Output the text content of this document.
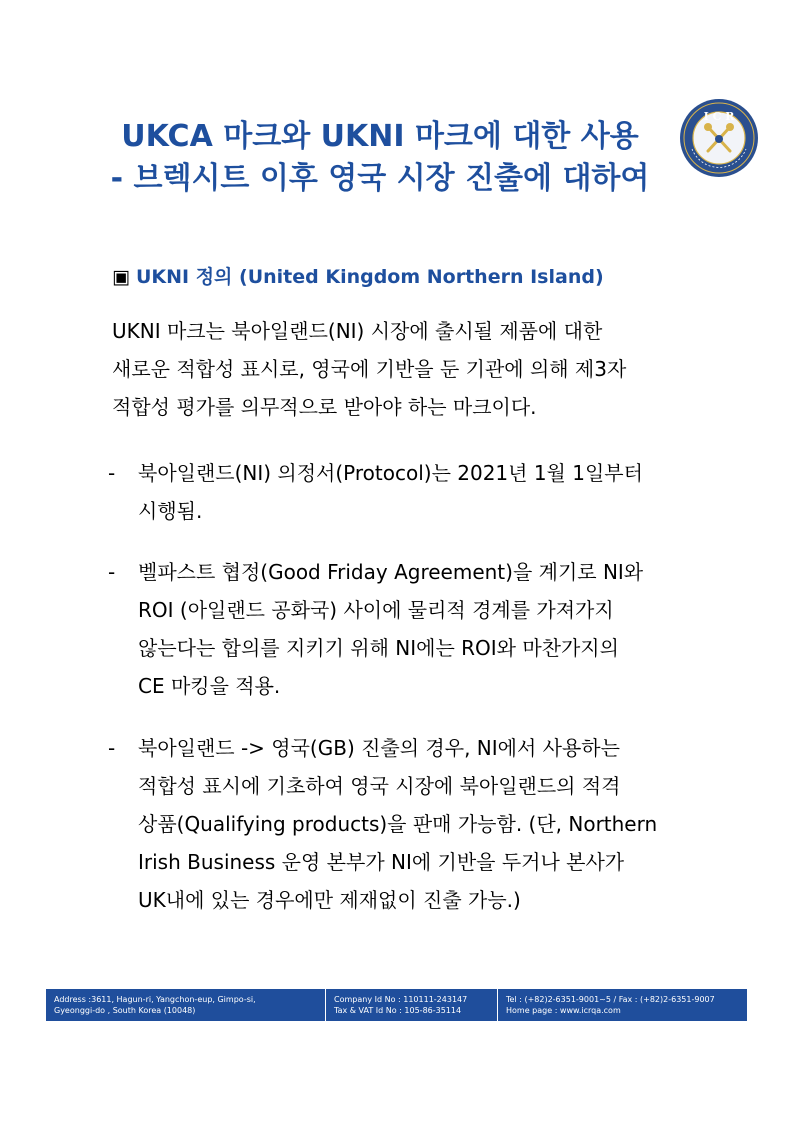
UKCA 마크와 UKNI 마크에 대한 사용
- 브렉시트 이후 영국 시장 진출에 대하여
I C R
▣ UKNI 정의 (United Kingdom Northern Island)

UKNI 마크는 북아일랜드(NI) 시장에 출시될 제품에 대한

새로운 적합성 표시로, 영국에 기반을 둔 기관에 의해 제3자

적합성 평가를 의무적으로 받아야 하는 마크이다.

- 북아일랜드(NI) 의정서(Protocol)는 2021년 1월 1일부터

시행됨.

- 벨파스트 협정(Good Friday Agreement)을 계기로 NI와

ROI (아일랜드 공화국) 사이에 물리적 경계를 가져가지

않는다는 합의를 지키기 위해 NI에는 ROI와 마찬가지의

CE 마킹을 적용.

- 북아일랜드 -> 영국(GB) 진출의 경우, NI에서 사용하는

적합성 표시에 기초하여 영국 시장에 북아일랜드의 적격

상품(Qualifying products)을 판매 가능함. (단, Northern

Irish Business 운영 본부가 NI에 기반을 두거나 본사가

UK내에 있는 경우에만 제재없이 진출 가능.)

Address :3611, Hagun-ri, Yangchon-eup, Gimpo-si,

Gyeonggi-do , South Korea (10048)

Company Id No : 110111-243147

Tax & VAT Id No : 105-86-35114

Tel : (+82)2-6351-9001~5 / Fax : (+82)2-6351-9007

Home page : www.icrqa.com
